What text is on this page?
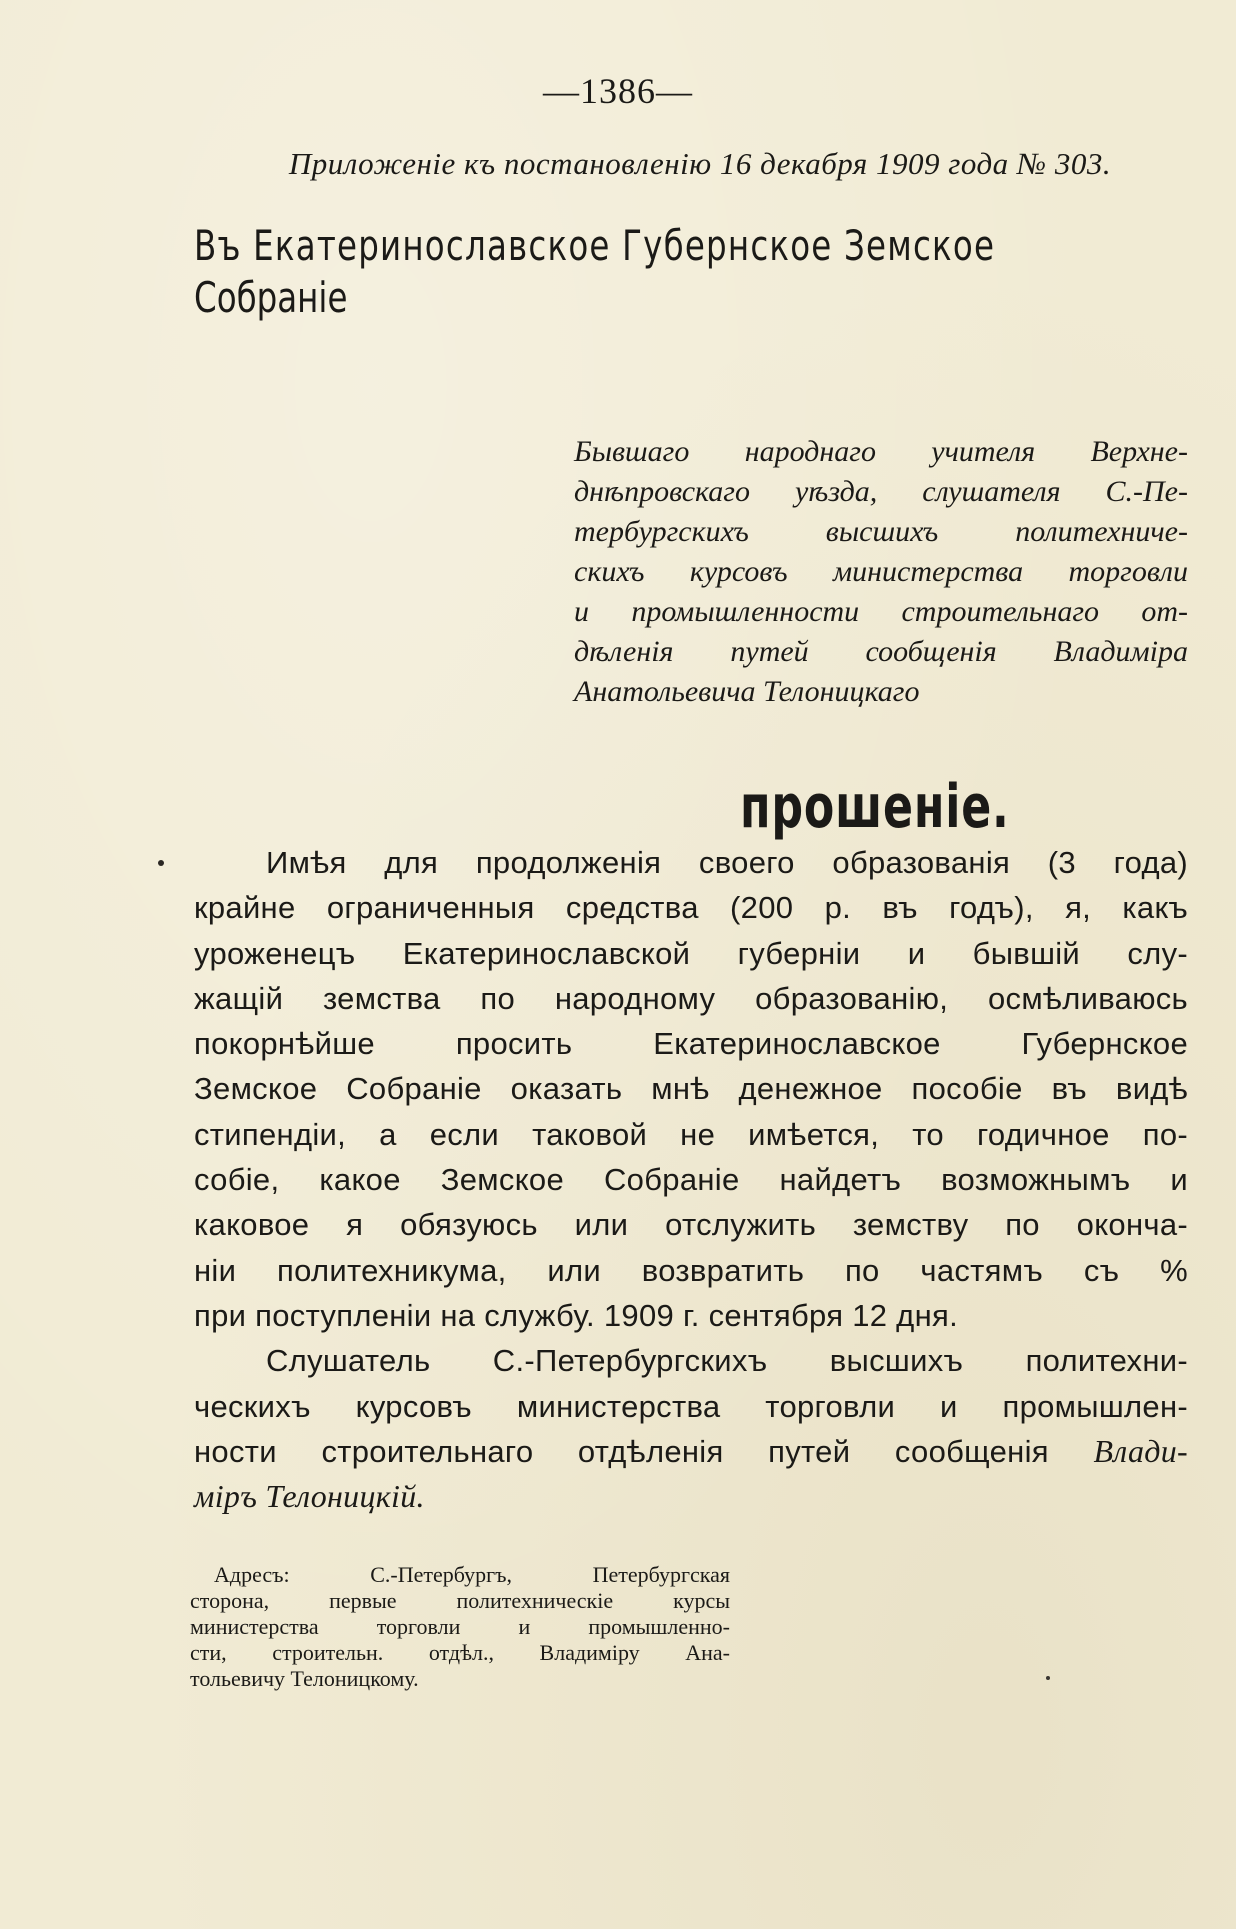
—1386—
Приложеніе къ постановленію 16 декабря 1909 года № 303.
Въ Екатеринославское Губернское Земское
Собраніе
Бывшаго народнаго учителя Верхне-
днѣпровскаго уѣзда, слушателя С.-Пе-
тербургскихъ высшихъ политехниче-
скихъ курсовъ министерства торговли
и промышленности строительнаго от-
дѣленія путей сообщенія Владиміра
Анатольевича Телоницкаго
прошеніе.
Имѣя для продолженія своего образованія (3 года)
крайне ограниченныя средства (200 р. въ годъ), я, какъ
уроженецъ Екатеринославской губерніи и бывшій слу-
жащій земства по народному образованію, осмѣливаюсь
покорнѣйше просить Екатеринославское Губернское
Земское Собраніе оказать мнѣ денежное пособіе въ видѣ
стипендіи, а если таковой не имѣется, то годичное по-
собіе, какое Земское Собраніе найдетъ возможнымъ и
каковое я обязуюсь или отслужить земству по оконча-
ніи политехникума, или возвратить по частямъ съ %
при поступленіи на службу. 1909 г. сентября 12 дня.
Слушатель С.-Петербургскихъ высшихъ политехни-
ческихъ курсовъ министерства торговли и промышлен-
ности строительнаго отдѣленія путей сообщенія Влади-
міръ Телоницкій.
Адресъ: С.-Петербургъ, Петербургская
сторона, первые политехническіе курсы
министерства торговли и промышленно-
сти, строительн. отдѣл., Владиміру Ана-
тольевичу Телоницкому.
